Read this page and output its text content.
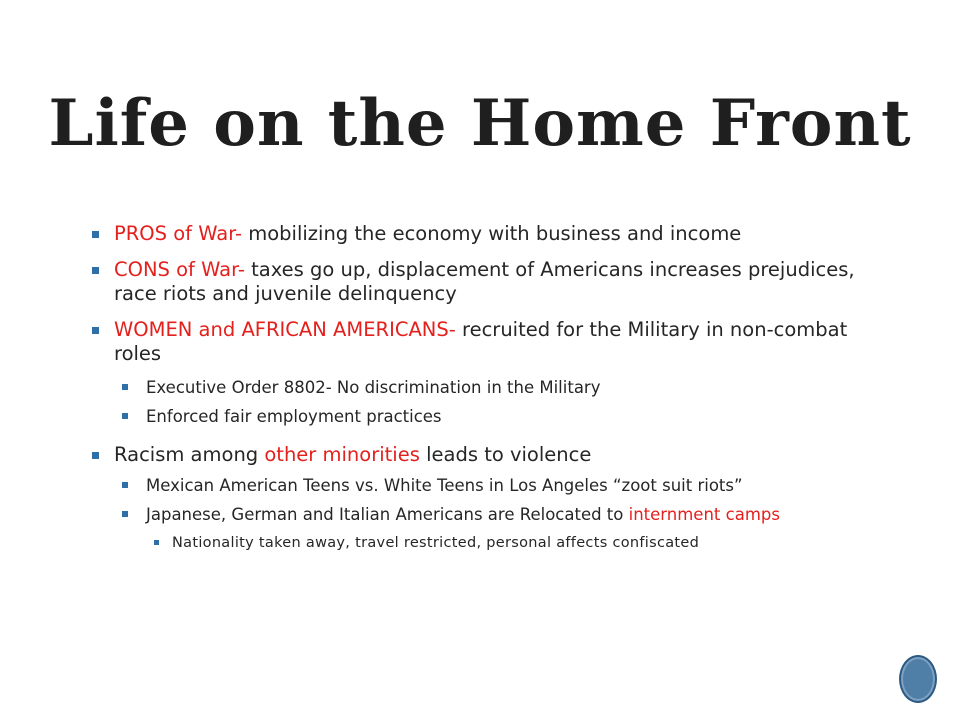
Life on the Home Front
PROS of War- mobilizing the economy with business and income
CONS of War- taxes go up, displacement of Americans increases prejudices, race riots and juvenile delinquency
WOMEN and AFRICAN AMERICANS- recruited for the Military in non-combat roles
Executive Order 8802- No discrimination in the Military
Enforced fair employment practices
Racism among other minorities leads to violence
Mexican American Teens vs. White Teens in Los Angeles “zoot suit riots”
Japanese, German and Italian Americans are Relocated to internment camps
Nationality taken away, travel restricted, personal affects confiscated
